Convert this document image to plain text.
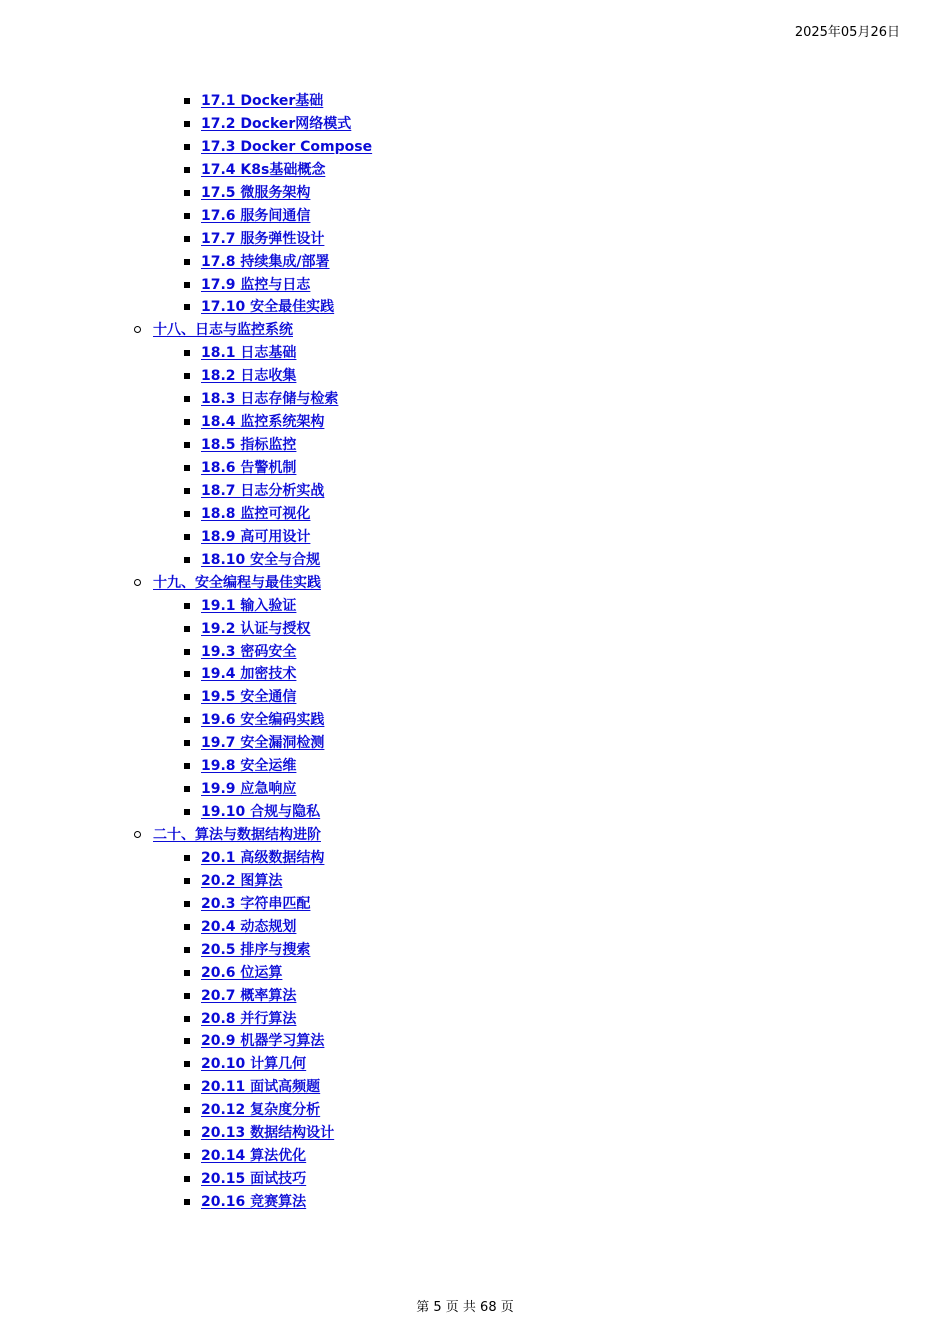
2025年05月26日
17.1 Docker基础
17.2 Docker网络模式
17.3 Docker Compose
17.4 K8s基础概念
17.5 微服务架构
17.6 服务间通信
17.7 服务弹性设计
17.8 持续集成/部署
17.9 监控与日志
17.10 安全最佳实践
十八、日志与监控系统
18.1 日志基础
18.2 日志收集
18.3 日志存储与检索
18.4 监控系统架构
18.5 指标监控
18.6 告警机制
18.7 日志分析实战
18.8 监控可视化
18.9 高可用设计
18.10 安全与合规
十九、安全编程与最佳实践
19.1 输入验证
19.2 认证与授权
19.3 密码安全
19.4 加密技术
19.5 安全通信
19.6 安全编码实践
19.7 安全漏洞检测
19.8 安全运维
19.9 应急响应
19.10 合规与隐私
二十、算法与数据结构进阶
20.1 高级数据结构
20.2 图算法
20.3 字符串匹配
20.4 动态规划
20.5 排序与搜索
20.6 位运算
20.7 概率算法
20.8 并行算法
20.9 机器学习算法
20.10 计算几何
20.11 面试高频题
20.12 复杂度分析
20.13 数据结构设计
20.14 算法优化
20.15 面试技巧
20.16 竞赛算法
第 5 页 共 68 页
